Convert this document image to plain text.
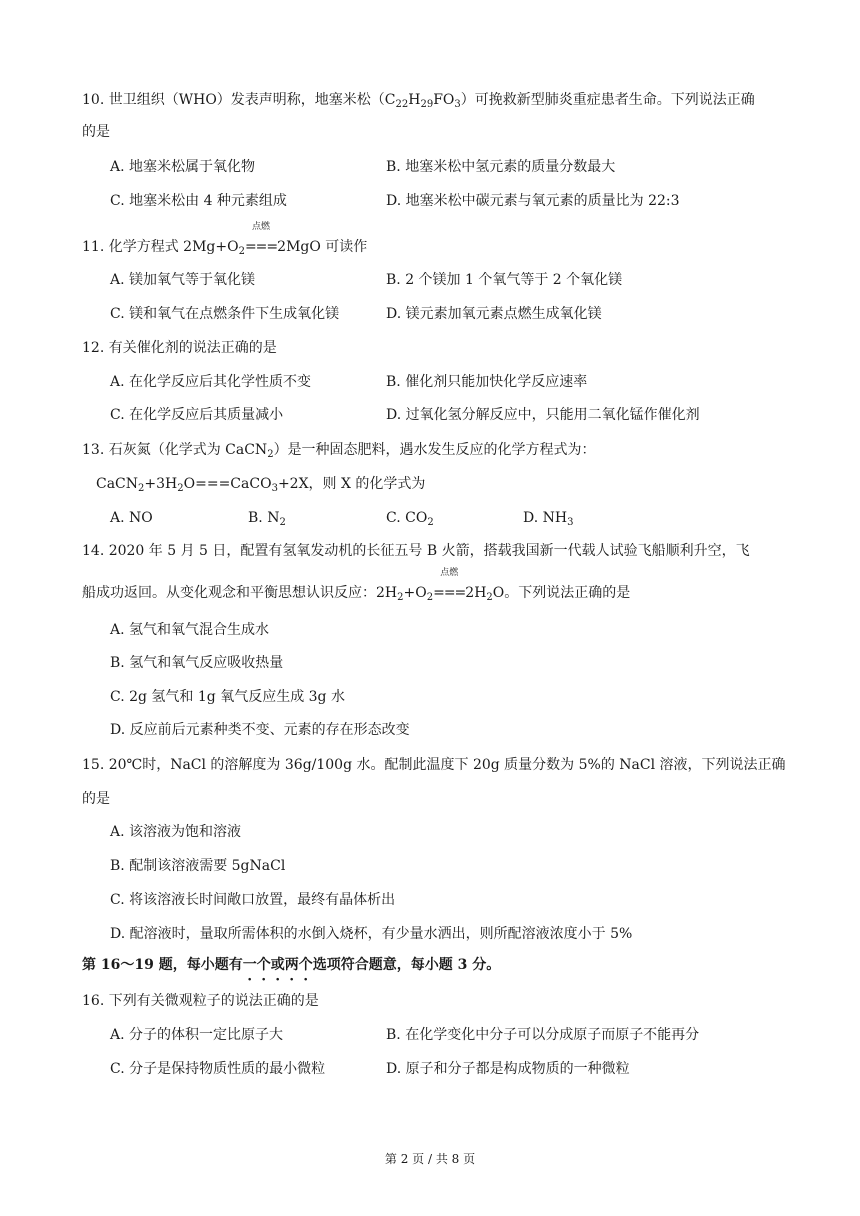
10. 世卫组织（WHO）发表声明称，地塞米松$(C_{22}H_{29}FO_3)$可挽救新型肺炎重症患者生命。下列说法正确
的是
A. 地塞米松属于氧化物	B. 地塞米松中氢元素的质量分数最大
C. 地塞米松由 4 种元素组成	D. 地塞米松中碳元素与氧元素的质量比为 22:3
11. 化学方程式 $2Mg+O_2$
点燃
===2MgO 可读作
A. 镁加氧气等于氧化镁	B. 2 个镁加 1 个氧气等于 2 个氧化镁
C. 镁和氧气在点燃条件下生成氧化镁	D. 镁元素加氧元素点燃生成氧化镁
12. 有关催化剂的说法正确的是
A. 在化学反应后其化学性质不变	B. 催化剂只能加快化学反应速率
C. 在化学反应后其质量减小	D. 过氧化氢分解反应中，只能用二氧化锰作催化剂
13. 石灰氮（化学式为 CaCN$_2$）是一种固态肥料，遇水发生反应的化学方程式为：
$CaCN_2+3H_2O===CaCO_3+2X$，则 X 的化学式为
A. NO	B. $N_2$	C. $CO_2$	D. $NH_3$
14. 2020 年 5 月 5 日，配置有氢氧发动机的长征五号 B 火箭，搭载我国新一代载人试验飞船顺利升空，飞
船成功返回。从变化观念和平衡思想认识反应：$2H_2+O_2$
点燃
$===2H_2O$。下列说法正确的是
A. 氢气和氧气混合生成水
B. 氢气和氧气反应吸收热量
C. 2g 氢气和 1g 氧气反应生成 3g 水
D. 反应前后元素种类不变、元素的存在形态改变
15. 20℃时，NaCl 的溶解度为 36g/100g 水。配制此温度下 20g 质量分数为 5%的 NaCl 溶液，下列说法正确
的是
A. 该溶液为饱和溶液
B. 配制该溶液需要 5gNaCl
C. 将该溶液长时间敞口放置，最终有晶体析出
D. 配溶液时，量取所需体积的水倒入烧杯，有少量水洒出，则所配溶液浓度小于 5%
第 16～19 题，每小题有一个或两个选项符合题意，每小题 3 分。
16. 下列有关微观粒子的说法正确的是
A. 分子的体积一定比原子大	B. 在化学变化中分子可以分成原子而原子不能再分
C. 分子是保持物质性质的最小微粒	D. 原子和分子都是构成物质的一种微粒
第 2 页 / 共 8 页
